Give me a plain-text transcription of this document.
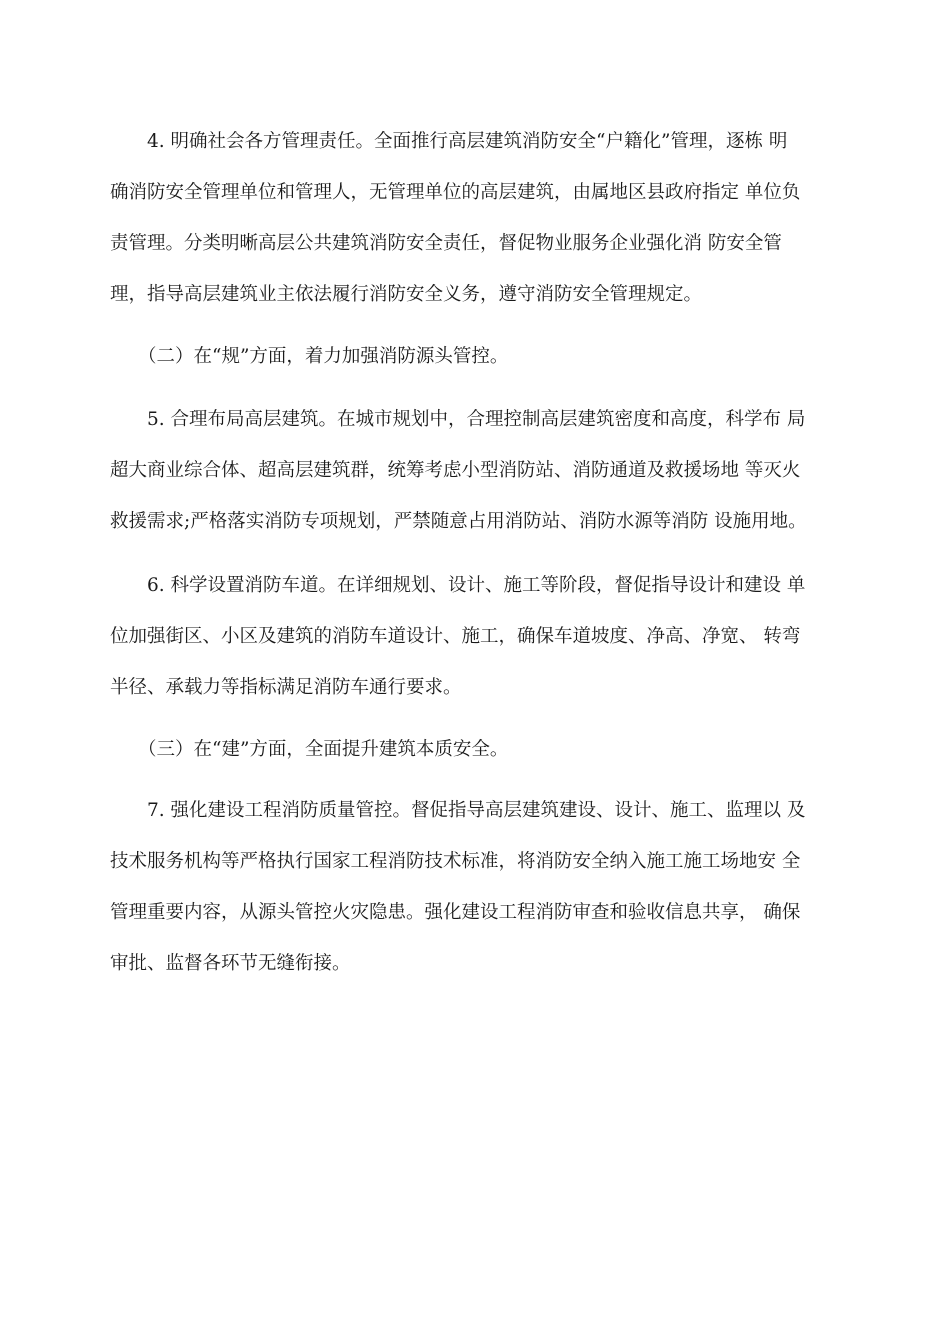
4. 明确社会各方管理责任。全面推行高层建筑消防安全“户籍化”管理，逐栋 明
确消防安全管理单位和管理人，无管理单位的高层建筑，由属地区县政府指定 单位负
责管理。分类明晰高层公共建筑消防安全责任，督促物业服务企业强化消 防安全管
理，指导高层建筑业主依法履行消防安全义务，遵守消防安全管理规定。
（二）在“规”方面，着力加强消防源头管控。
5. 合理布局高层建筑。在城市规划中，合理控制高层建筑密度和高度，科学布 局
超大商业综合体、超高层建筑群，统筹考虑小型消防站、消防通道及救援场地 等灭火
救援需求;严格落实消防专项规划，严禁随意占用消防站、消防水源等消防 设施用地。
6. 科学设置消防车道。在详细规划、设计、施工等阶段，督促指导设计和建设 单
位加强街区、小区及建筑的消防车道设计、施工，确保车道坡度、净高、净宽、 转弯
半径、承载力等指标满足消防车通行要求。
（三）在“建”方面，全面提升建筑本质安全。
7. 强化建设工程消防质量管控。督促指导高层建筑建设、设计、施工、监理以 及
技术服务机构等严格执行国家工程消防技术标准，将消防安全纳入施工施工场地安 全
管理重要内容，从源头管控火灾隐患。强化建设工程消防审查和验收信息共享， 确保
审批、监督各环节无缝衔接。
